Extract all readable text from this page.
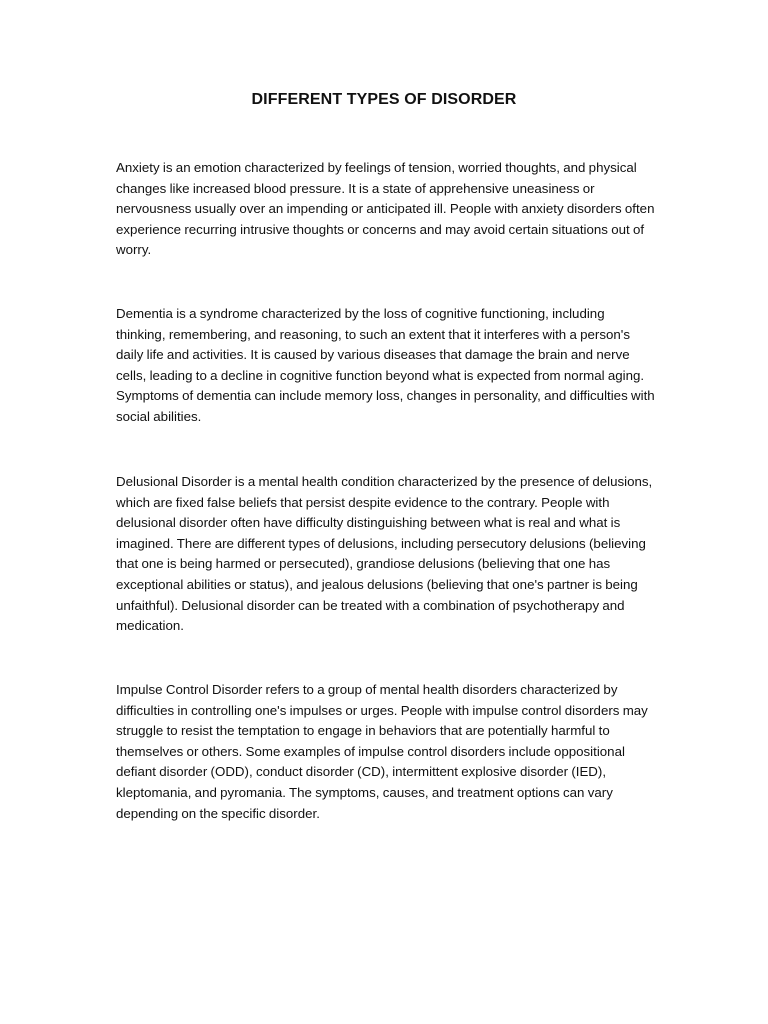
DIFFERENT TYPES OF DISORDER

Anxiety is an emotion characterized by feelings of tension, worried thoughts, and physical changes like increased blood pressure. It is a state of apprehensive uneasiness or nervousness usually over an impending or anticipated ill. People with anxiety disorders often experience recurring intrusive thoughts or concerns and may avoid certain situations out of worry.

Dementia is a syndrome characterized by the loss of cognitive functioning, including thinking, remembering, and reasoning, to such an extent that it interferes with a person's daily life and activities. It is caused by various diseases that damage the brain and nerve cells, leading to a decline in cognitive function beyond what is expected from normal aging. Symptoms of dementia can include memory loss, changes in personality, and difficulties with social abilities.

Delusional Disorder is a mental health condition characterized by the presence of delusions, which are fixed false beliefs that persist despite evidence to the contrary. People with delusional disorder often have difficulty distinguishing between what is real and what is imagined. There are different types of delusions, including persecutory delusions (believing that one is being harmed or persecuted), grandiose delusions (believing that one has exceptional abilities or status), and jealous delusions (believing that one's partner is being unfaithful). Delusional disorder can be treated with a combination of psychotherapy and medication.

Impulse Control Disorder refers to a group of mental health disorders characterized by difficulties in controlling one's impulses or urges. People with impulse control disorders may struggle to resist the temptation to engage in behaviors that are potentially harmful to themselves or others. Some examples of impulse control disorders include oppositional defiant disorder (ODD), conduct disorder (CD), intermittent explosive disorder (IED), kleptomania, and pyromania. The symptoms, causes, and treatment options can vary depending on the specific disorder.
